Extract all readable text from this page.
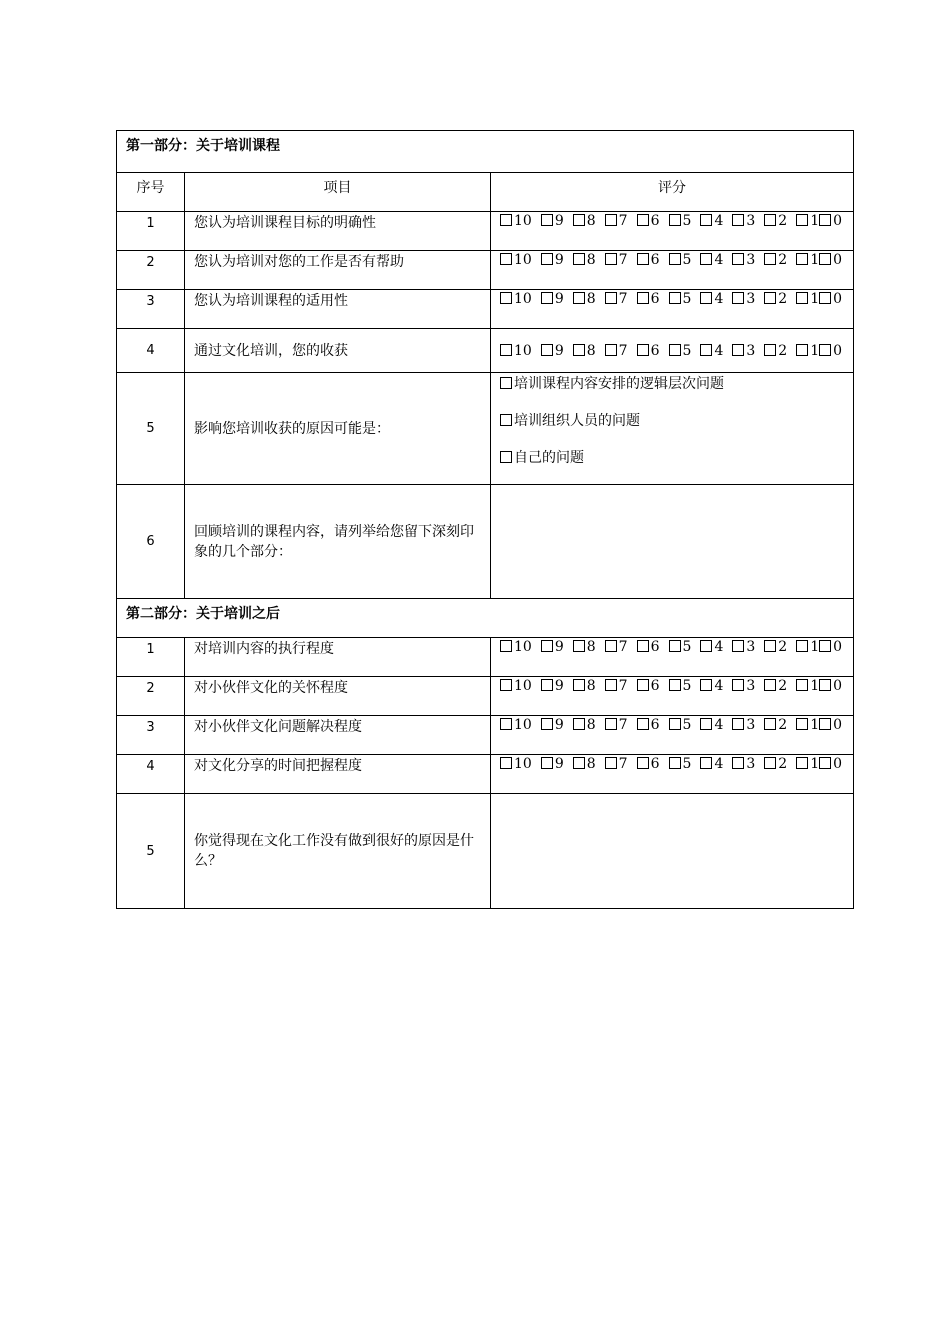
第一部分：关于培训课程		
序号	项目	评分
1	您认为培训课程目标的明确性	10 9 8 7 6 5 4 3 2 1 0
2	您认为培训对您的工作是否有帮助	10 9 8 7 6 5 4 3 2 1 0
3	您认为培训课程的适用性	10 9 8 7 6 5 4 3 2 1 0
4	通过文化培训，您的收获	10 9 8 7 6 5 4 3 2 1 0
5	影响您培训收获的原因可能是：	培训课程内容安排的逻辑层次问题
培训组织人员的问题
自己的问题

6	回顾培训的课程内容，请列举给您留下深刻印象的几个部分：	
第二部分：关于培训之后		
1	对培训内容的执行程度	10 9 8 7 6 5 4 3 2 1 0
2	对小伙伴文化的关怀程度	10 9 8 7 6 5 4 3 2 1 0
3	对小伙伴文化问题解决程度	10 9 8 7 6 5 4 3 2 1 0
4	对文化分享的时间把握程度	10 9 8 7 6 5 4 3 2 1 0
5	你觉得现在文化工作没有做到很好的原因是什么？	
